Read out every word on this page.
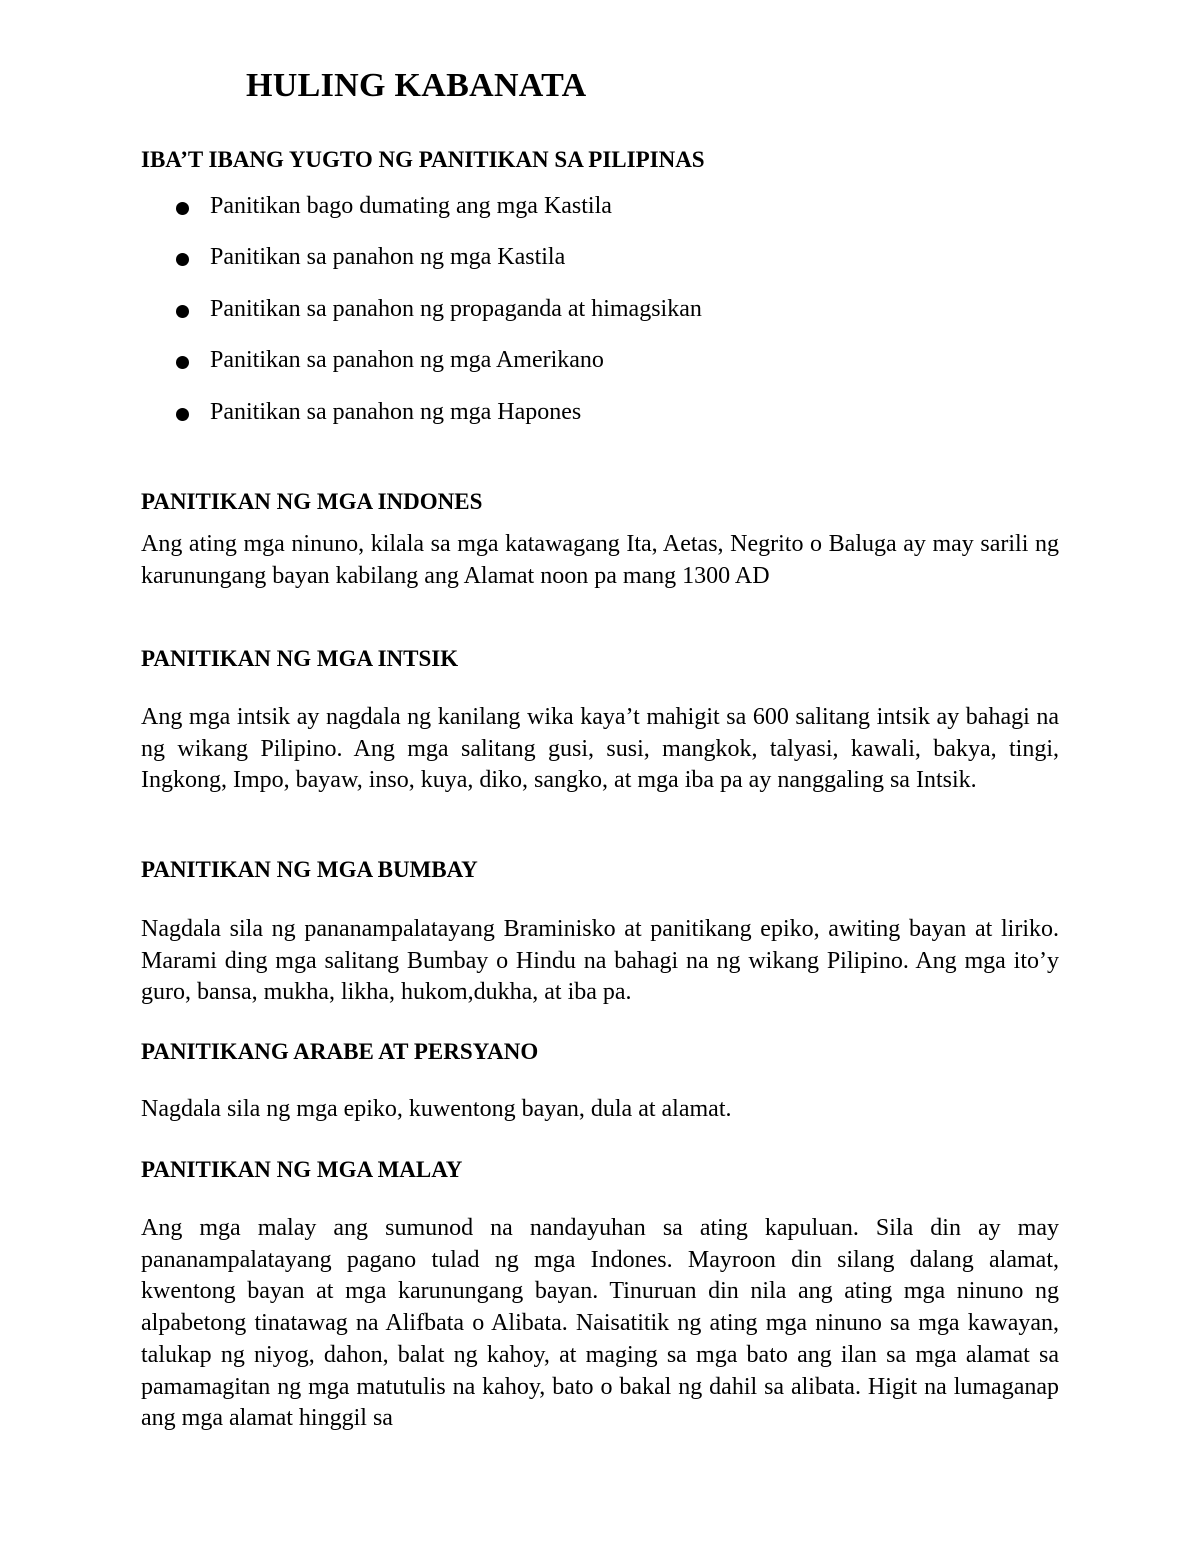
HULING KABANATA
IBA’T IBANG YUGTO NG PANITIKAN SA PILIPINAS
Panitikan bago dumating ang mga Kastila
Panitikan sa panahon ng mga Kastila
Panitikan sa panahon ng propaganda at himagsikan
Panitikan sa panahon ng mga Amerikano
Panitikan sa panahon ng mga Hapones
PANITIKAN NG MGA INDONES

Ang ating mga ninuno, kilala sa mga katawagang Ita, Aetas, Negrito o Baluga ay may sarili ng karunungang bayan kabilang ang Alamat noon pa mang 1300 AD

PANITIKAN NG MGA INTSIK

Ang mga intsik ay nagdala ng kanilang wika kaya’t mahigit sa 600 salitang intsik ay bahagi na ng wikang Pilipino. Ang mga salitang gusi, susi, mangkok, talyasi, kawali, bakya, tingi, Ingkong, Impo, bayaw, inso, kuya, diko, sangko, at mga iba pa ay nanggaling sa Intsik.

PANITIKAN NG MGA BUMBAY

Nagdala sila ng pananampalatayang Braminisko at panitikang epiko, awiting bayan at liriko. Marami ding mga salitang Bumbay o Hindu na bahagi na ng wikang Pilipino. Ang mga ito’y guro, bansa, mukha, likha, hukom,dukha, at iba pa.

PANITIKANG ARABE AT PERSYANO

Nagdala sila ng mga epiko, kuwentong bayan, dula at alamat.

PANITIKAN NG MGA MALAY

Ang mga malay ang sumunod na nandayuhan sa ating kapuluan. Sila din ay may pananampalatayang pagano tulad ng mga Indones. Mayroon din silang dalang alamat, kwentong bayan at mga karunungang bayan. Tinuruan din nila ang ating mga ninuno ng alpabetong tinatawag na Alifbata o Alibata. Naisatitik ng ating mga ninuno sa mga kawayan, talukap ng niyog, dahon, balat ng kahoy, at maging sa mga bato ang ilan sa mga alamat sa pamamagitan ng mga matutulis na kahoy, bato o bakal ng dahil sa alibata. Higit na lumaganap ang mga alamat hinggil sa
